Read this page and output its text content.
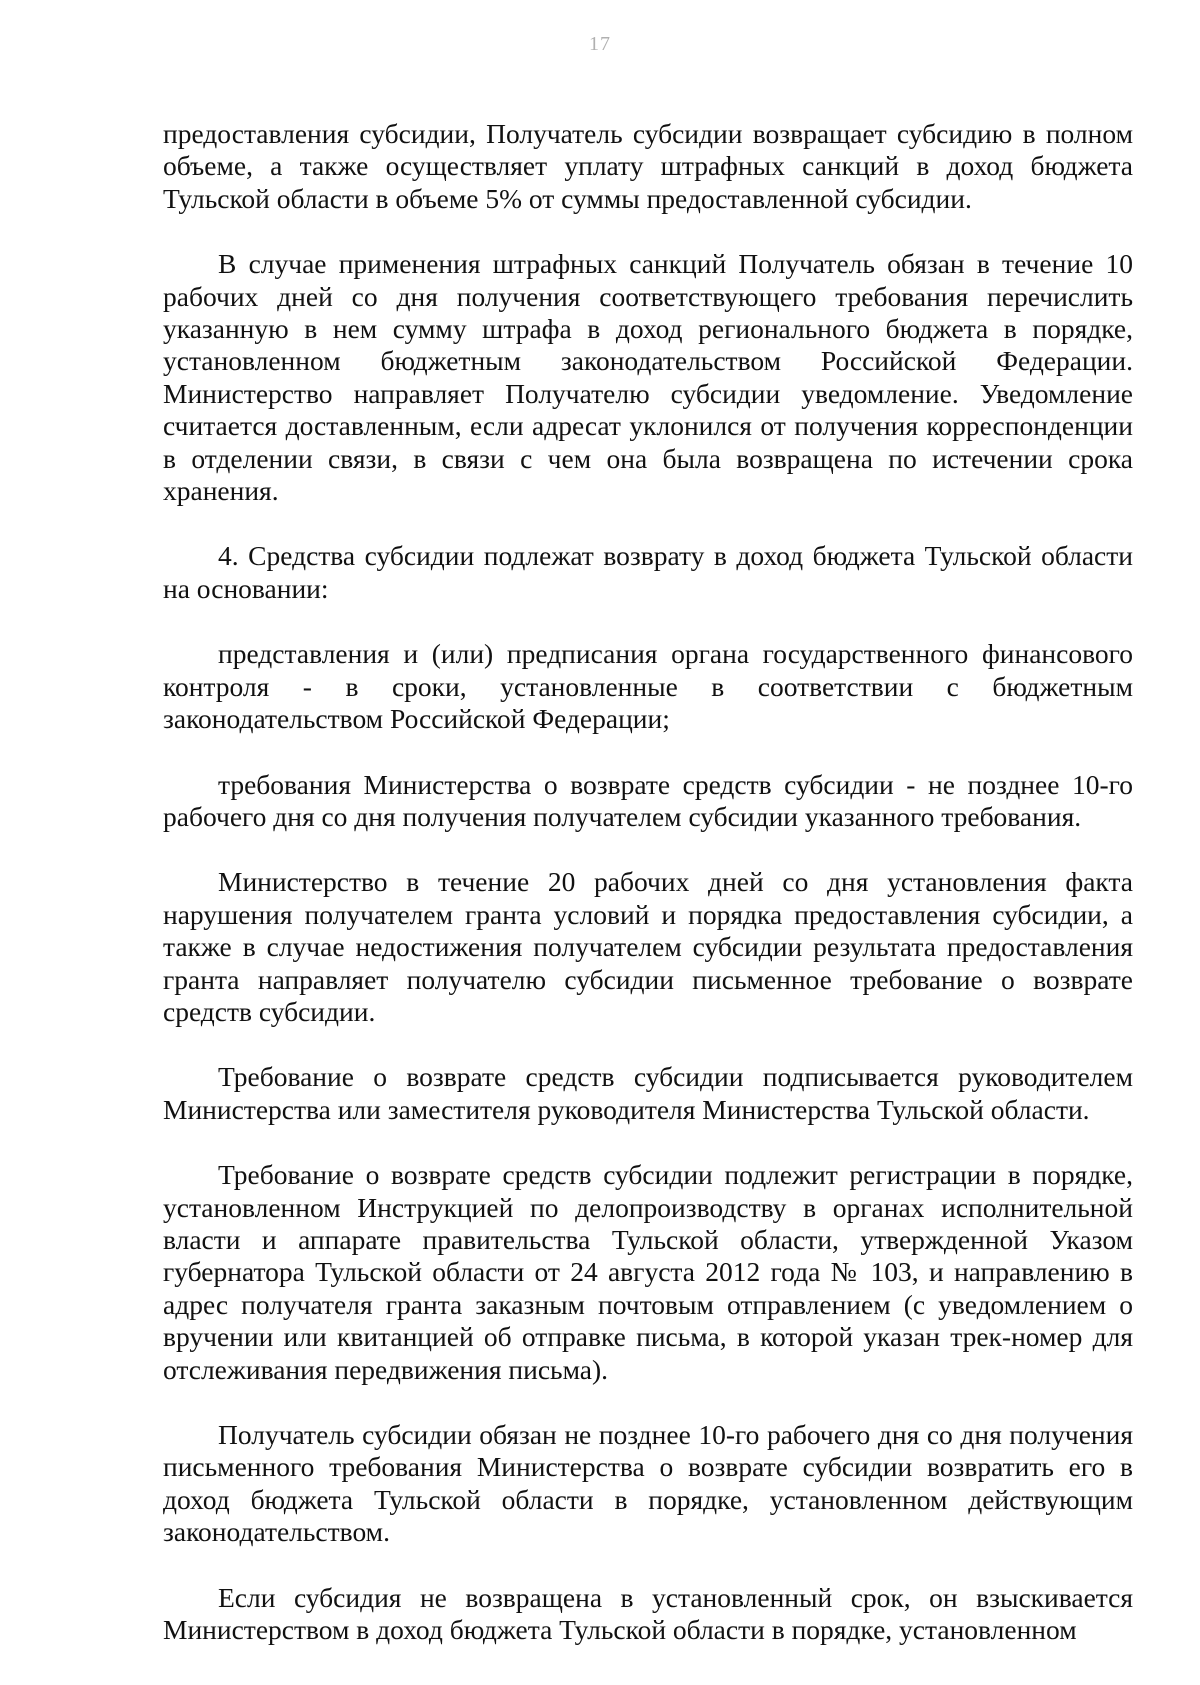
17

предоставления субсидии, Получатель субсидии возвращает субсидию в полном объеме, а также осуществляет уплату штрафных санкций в доход бюджета Тульской области в объеме 5% от суммы предоставленной субсидии.

В случае применения штрафных санкций Получатель обязан в течение 10 рабочих дней со дня получения соответствующего требования перечислить указанную в нем сумму штрафа в доход регионального бюджета в порядке, установленном бюджетным законодательством Российской Федерации. Министерство направляет Получателю субсидии уведомление. Уведомление считается доставленным, если адресат уклонился от получения корреспонденции в отделении связи, в связи с чем она была возвращена по истечении срока хранения.

4. Средства субсидии подлежат возврату в доход бюджета Тульской области на основании:

представления и (или) предписания органа государственного финансового контроля - в сроки, установленные в соответствии с бюджетным законодательством Российской Федерации;

требования Министерства о возврате средств субсидии - не позднее 10-го рабочего дня со дня получения получателем субсидии указанного требования.

Министерство в течение 20 рабочих дней со дня установления факта нарушения получателем гранта условий и порядка предоставления субсидии, а также в случае недостижения получателем субсидии результата предоставления гранта направляет получателю субсидии письменное требование о возврате средств субсидии.

Требование о возврате средств субсидии подписывается руководителем Министерства или заместителя руководителя Министерства Тульской области.

Требование о возврате средств субсидии подлежит регистрации в порядке, установленном Инструкцией по делопроизводству в органах исполнительной власти и аппарате правительства Тульской области, утвержденной Указом губернатора Тульской области от 24 августа 2012 года № 103, и направлению в адрес получателя гранта заказным почтовым отправлением (с уведомлением о вручении или квитанцией об отправке письма, в которой указан трек-номер для отслеживания передвижения письма).

Получатель субсидии обязан не позднее 10-го рабочего дня со дня получения письменного требования Министерства о возврате субсидии возвратить его в доход бюджета Тульской области в порядке, установленном действующим законодательством.

Если субсидия не возвращена в установленный срок, он взыскивается Министерством в доход бюджета Тульской области в порядке, установленном
